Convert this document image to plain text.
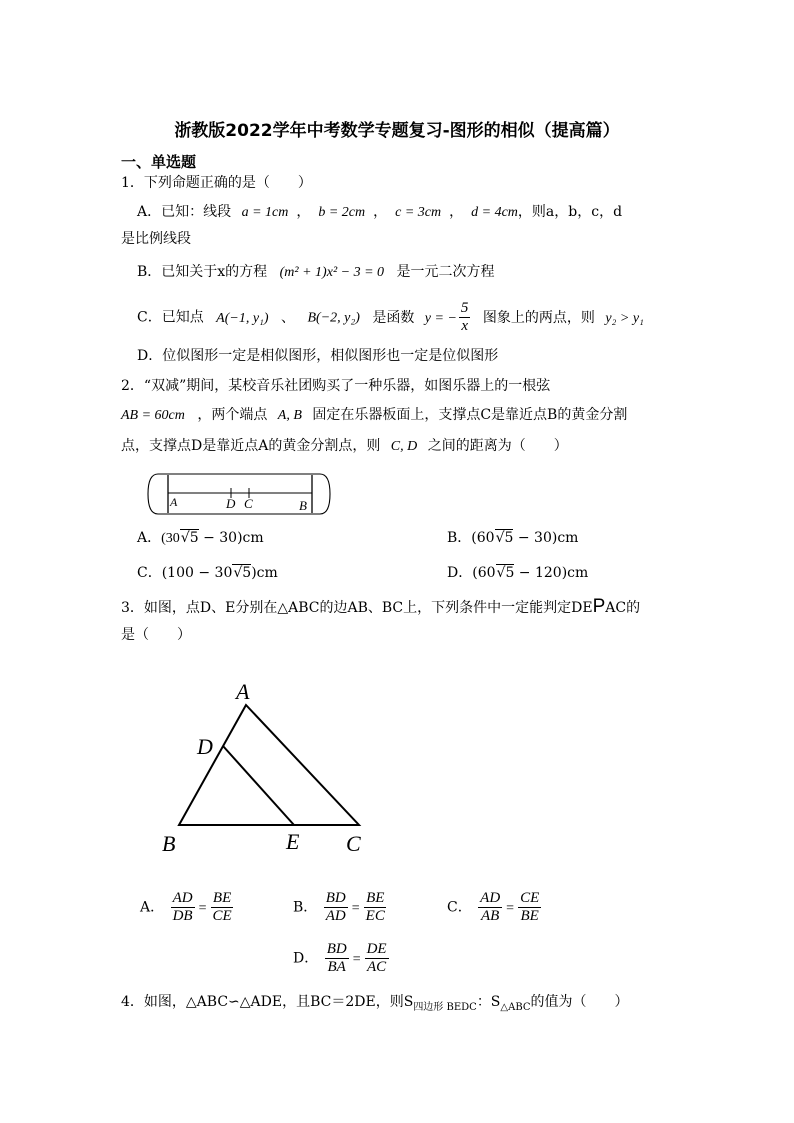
浙教版2022学年中考数学专题复习-图形的相似（提高篇）
一、单选题
1．下列命题正确的是（　　）
A．已知：线段 a = 1cm ， b = 2cm ， c = 3cm ， d = 4cm，则a，b，c，d
是比例线段
B．已知关于x的方程 (m² + 1)x² − 3 = 0 是一元二次方程
C．已知点 A(−1, y₁) 、 B(−2, y₂) 是函数 y = − $\frac{5}{x}$ 图象上的两点，则 y₂ > y₁
D．位似图形一定是相似图形，相似图形也一定是位似图形
2．“双减”期间，某校音乐社团购买了一种乐器，如图乐器上的一根弦
AB = 60cm ，两个端点 A, B 固定在乐器板面上，支撑点C是靠近点B的黄金分割
点，支撑点D是靠近点A的黄金分割点，则 C, D 之间的距离为（　　）
A	D C	B
A．(30√5 − 30)cm	B．(60√5 − 30)cm
C．(100 − 30√5)cm	D．(60√5 − 120)cm
3．如图，点D、E分别在△ABC的边AB、BC上，下列条件中一定能判定DEPAC的
是（　　）
A
D
B	E C
A． $\frac{AD}{DB} = \frac{BE}{CE}$	B． $\frac{BD}{AD} = \frac{BE}{EC}$	C． $\frac{AD}{AB} = \frac{CE}{BE}$
D． $\frac{BD}{BA} = \frac{DE}{AC}$
4．如图，△ABC∽△ADE，且BC＝2DE，则$S_{四边形 BEDC}$：$S_{\triangle ABC}$的值为（　　）
